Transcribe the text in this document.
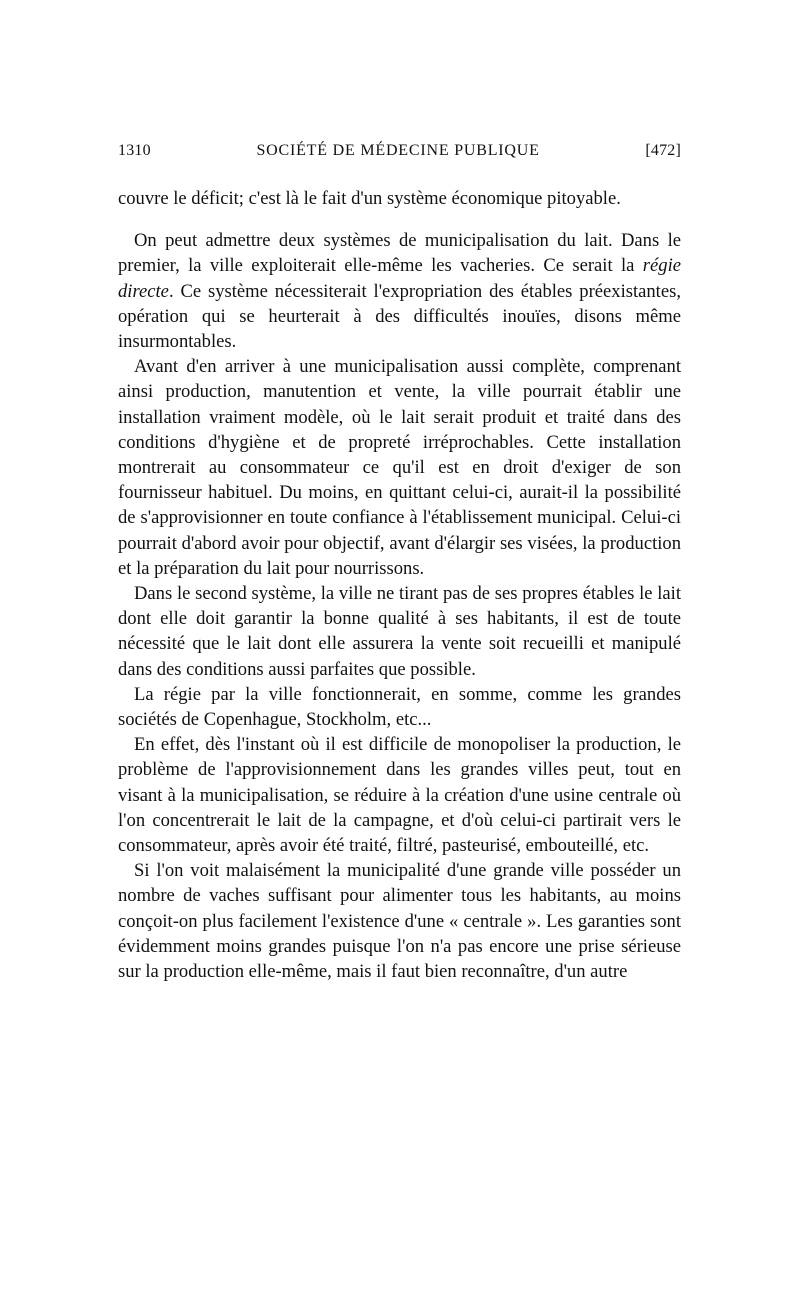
1310	SOCIÉTÉ DE MÉDECINE PUBLIQUE	[472]

couvre le déficit; c'est là le fait d'un système économique pitoyable.

On peut admettre deux systèmes de municipalisation du lait. Dans le premier, la ville exploiterait elle-même les vacheries. Ce serait la régie directe. Ce système nécessiterait l'expropriation des étables préexistantes, opération qui se heurterait à des difficultés inouïes, disons même insurmontables.

Avant d'en arriver à une municipalisation aussi complète, comprenant ainsi production, manutention et vente, la ville pourrait établir une installation vraiment modèle, où le lait serait produit et traité dans des conditions d'hygiène et de propreté irréprochables. Cette installation montrerait au consommateur ce qu'il est en droit d'exiger de son fournisseur habituel. Du moins, en quittant celui-ci, aurait-il la possibilité de s'approvisionner en toute confiance à l'établissement municipal. Celui-ci pourrait d'abord avoir pour objectif, avant d'élargir ses visées, la production et la préparation du lait pour nourrissons.

Dans le second système, la ville ne tirant pas de ses propres étables le lait dont elle doit garantir la bonne qualité à ses habitants, il est de toute nécessité que le lait dont elle assurera la vente soit recueilli et manipulé dans des conditions aussi parfaites que possible.

La régie par la ville fonctionnerait, en somme, comme les grandes sociétés de Copenhague, Stockholm, etc...

En effet, dès l'instant où il est difficile de monopoliser la production, le problème de l'approvisionnement dans les grandes villes peut, tout en visant à la municipalisation, se réduire à la création d'une usine centrale où l'on concentrerait le lait de la campagne, et d'où celui-ci partirait vers le consommateur, après avoir été traité, filtré, pasteurisé, embouteillé, etc.

Si l'on voit malaisément la municipalité d'une grande ville posséder un nombre de vaches suffisant pour alimenter tous les habitants, au moins conçoit-on plus facilement l'existence d'une « centrale ». Les garanties sont évidemment moins grandes puisque l'on n'a pas encore une prise sérieuse sur la production elle-même, mais il faut bien reconnaître, d'un autre
